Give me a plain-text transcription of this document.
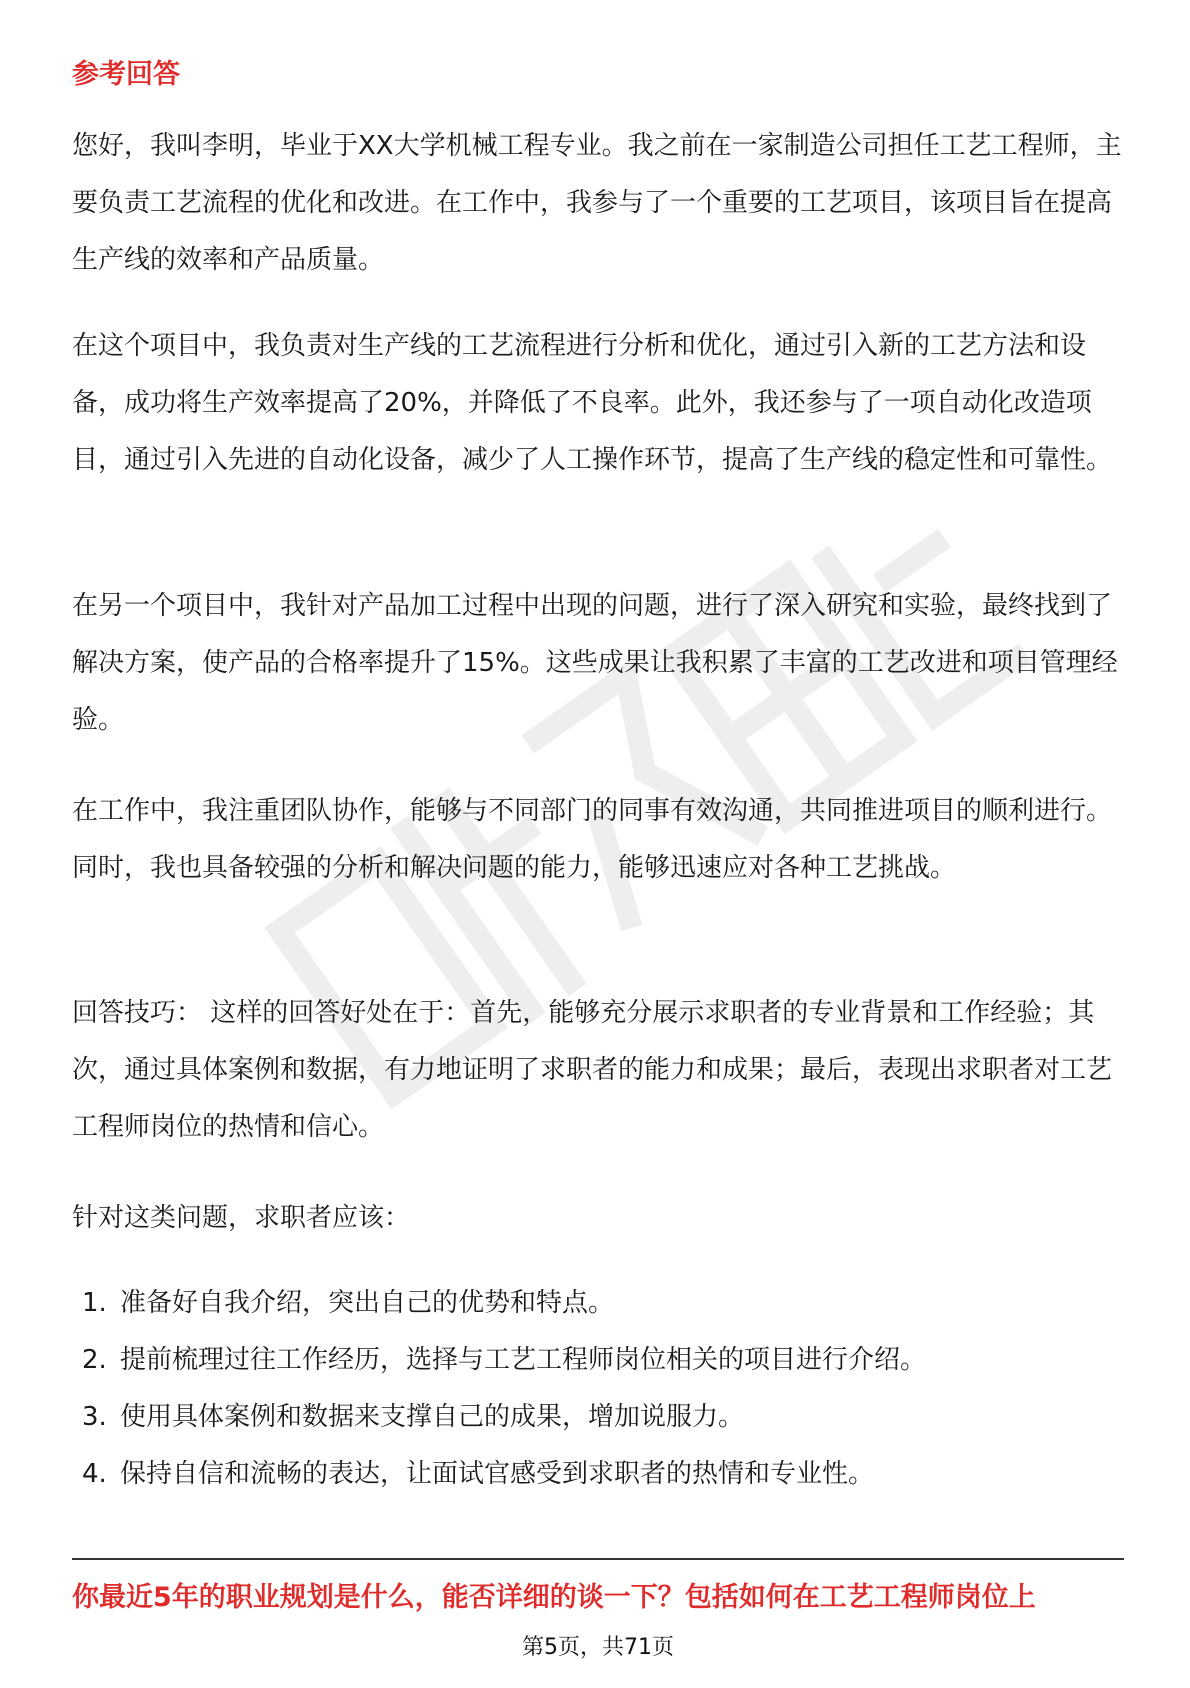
参考回答

您好，我叫李明，毕业于XX大学机械工程专业。我之前在一家制造公司担任工艺工程师，主要负责工艺流程的优化和改进。在工作中，我参与了一个重要的工艺项目，该项目旨在提高生产线的效率和产品质量。

在这个项目中，我负责对生产线的工艺流程进行分析和优化，通过引入新的工艺方法和设备，成功将生产效率提高了20%，并降低了不良率。此外，我还参与了一项自动化改造项目，通过引入先进的自动化设备，减少了人工操作环节，提高了生产线的稳定性和可靠性。

在另一个项目中，我针对产品加工过程中出现的问题，进行了深入研究和实验，最终找到了解决方案，使产品的合格率提升了15%。这些成果让我积累了丰富的工艺改进和项目管理经验。

在工作中，我注重团队协作，能够与不同部门的同事有效沟通，共同推进项目的顺利进行。同时，我也具备较强的分析和解决问题的能力，能够迅速应对各种工艺挑战。

回答技巧： 这样的回答好处在于：首先，能够充分展示求职者的专业背景和工作经验；其次，通过具体案例和数据，有力地证明了求职者的能力和成果；最后，表现出求职者对工艺工程师岗位的热情和信心。

针对这类问题，求职者应该：

1. 准备好自我介绍，突出自己的优势和特点。
2. 提前梳理过往工作经历，选择与工艺工程师岗位相关的项目进行介绍。
3. 使用具体案例和数据来支撑自己的成果，增加说服力。
4. 保持自信和流畅的表达，让面试官感受到求职者的热情和专业性。
你最近5年的职业规划是什么，能否详细的谈一下？包括如何在工艺工程师岗位上
第5页，共71页
